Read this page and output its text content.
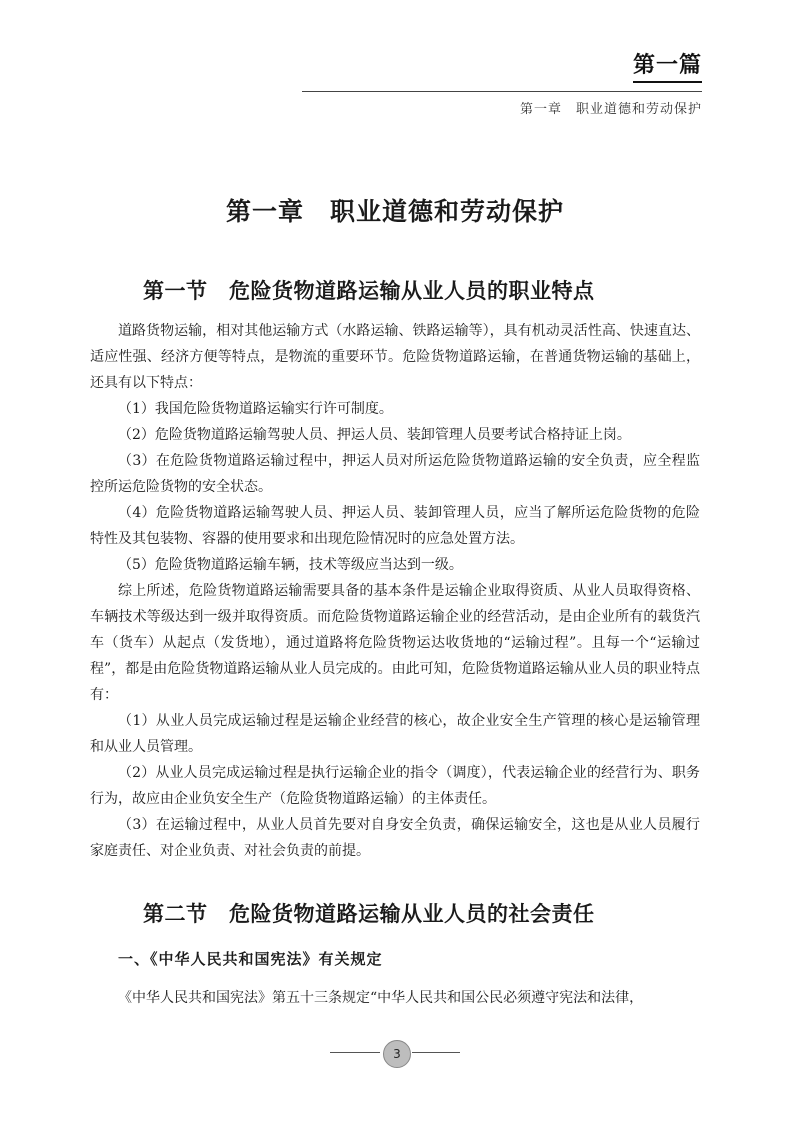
第一篇
第一章　职业道德和劳动保护
第一章　职业道德和劳动保护
第一节　危险货物道路运输从业人员的职业特点

道路货物运输，相对其他运输方式（水路运输、铁路运输等），具有机动灵活性高、快速直达、适应性强、经济方便等特点，是物流的重要环节。危险货物道路运输，在普通货物运输的基础上，还具有以下特点：

（1）我国危险货物道路运输实行许可制度。

（2）危险货物道路运输驾驶人员、押运人员、装卸管理人员要考试合格持证上岗。

（3）在危险货物道路运输过程中，押运人员对所运危险货物道路运输的安全负责，应全程监控所运危险货物的安全状态。

（4）危险货物道路运输驾驶人员、押运人员、装卸管理人员，应当了解所运危险货物的危险特性及其包装物、容器的使用要求和出现危险情况时的应急处置方法。

（5）危险货物道路运输车辆，技术等级应当达到一级。

综上所述，危险货物道路运输需要具备的基本条件是运输企业取得资质、从业人员取得资格、车辆技术等级达到一级并取得资质。而危险货物道路运输企业的经营活动，是由企业所有的载货汽车（货车）从起点（发货地），通过道路将危险货物运达收货地的“运输过程”。且每一个“运输过程”，都是由危险货物道路运输从业人员完成的。由此可知，危险货物道路运输从业人员的职业特点有：

（1）从业人员完成运输过程是运输企业经营的核心，故企业安全生产管理的核心是运输管理和从业人员管理。

（2）从业人员完成运输过程是执行运输企业的指令（调度），代表运输企业的经营行为、职务行为，故应由企业负安全生产（危险货物道路运输）的主体责任。

（3）在运输过程中，从业人员首先要对自身安全负责，确保运输安全，这也是从业人员履行家庭责任、对企业负责、对社会负责的前提。

第二节　危险货物道路运输从业人员的社会责任
一、《中华人民共和国宪法》有关规定

《中华人民共和国宪法》第五十三条规定“中华人民共和国公民必须遵守宪法和法律，

3
